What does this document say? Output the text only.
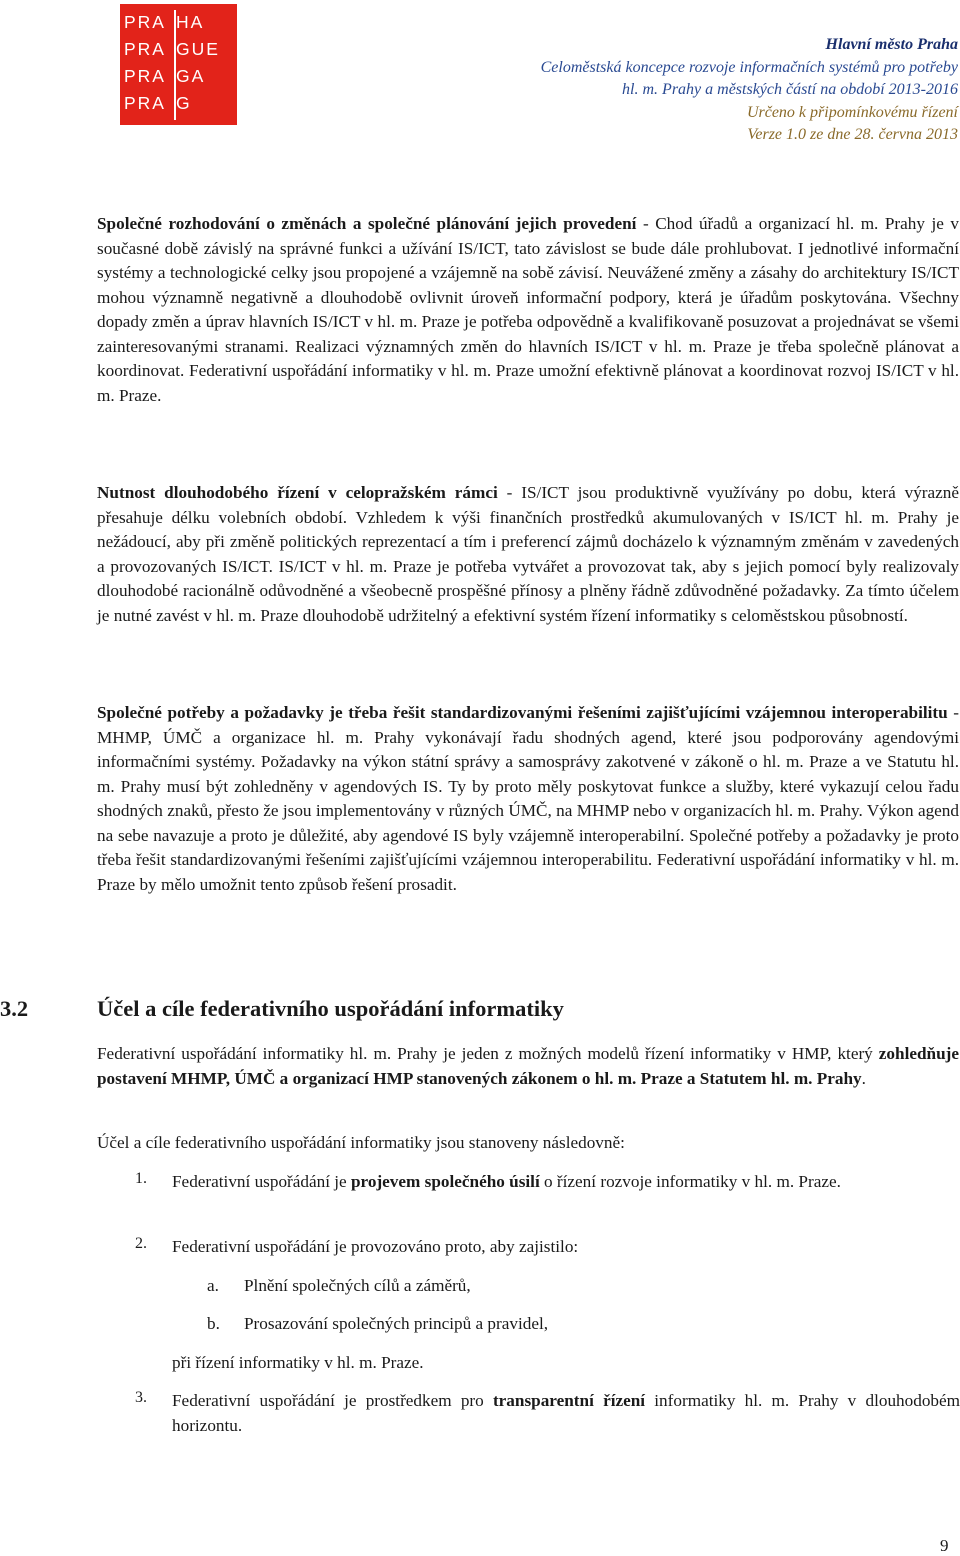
PRA HA
PRA GUE
PRA GA
PRA G
Hlavní město Praha
Celoměstská koncepce rozvoje informačních systémů pro potřeby
hl. m. Prahy a městských částí na období 2013-2016
Určeno k připomínkovému řízení
Verze 1.0 ze dne 28. června 2013

Společné rozhodování o změnách a společné plánování jejich provedení - Chod úřadů a organizací hl. m. Prahy je v současné době závislý na správné funkci a užívání IS/ICT, tato závislost se bude dále prohlubovat. I jednotlivé informační systémy a technologické celky jsou propojené a vzájemně na sobě závisí. Neuvážené změny a zásahy do architektury IS/ICT mohou významně negativně a dlouhodobě ovlivnit úroveň informační podpory, která je úřadům poskytována. Všechny dopady změn a úprav hlavních IS/ICT v hl. m. Praze je potřeba odpovědně a kvalifikovaně posuzovat a projednávat se všemi zainteresovanými stranami. Realizaci významných změn do hlavních IS/ICT v hl. m. Praze je třeba společně plánovat a koordinovat. Federativní uspořádání informatiky v hl. m. Praze umožní efektivně plánovat a koordinovat rozvoj IS/ICT v hl. m. Praze.

Nutnost dlouhodobého řízení v celopražském rámci - IS/ICT jsou produktivně využívány po dobu, která výrazně přesahuje délku volebních období. Vzhledem k výši finančních prostředků akumulovaných v IS/ICT hl. m. Prahy je nežádoucí, aby při změně politických reprezentací a tím i preferencí zájmů docházelo k významným změnám v zavedených a provozovaných IS/ICT. IS/ICT v hl. m. Praze je potřeba vytvářet a provozovat tak, aby s jejich pomocí byly realizovaly dlouhodobé racionálně odůvodněné a všeobecně prospěšné přínosy a plněny řádně zdůvodněné požadavky. Za tímto účelem je nutné zavést v hl. m. Praze dlouhodobě udržitelný a efektivní systém řízení informatiky s celoměstskou působností.

Společné potřeby a požadavky je třeba řešit standardizovanými řešeními zajišťujícími vzájemnou interoperabilitu - MHMP, ÚMČ a organizace hl. m. Prahy vykonávají řadu shodných agend, které jsou podporovány agendovými informačními systémy. Požadavky na výkon státní správy a samosprávy zakotvené v zákoně o hl. m. Praze a ve Statutu hl. m. Prahy musí být zohledněny v agendových IS. Ty by proto měly poskytovat funkce a služby, které vykazují celou řadu shodných znaků, přesto že jsou implementovány v různých ÚMČ, na MHMP nebo v organizacích hl. m. Prahy. Výkon agend na sebe navazuje a proto je důležité, aby agendové IS byly vzájemně interoperabilní. Společné potřeby a požadavky je proto třeba řešit standardizovanými řešeními zajišťujícími vzájemnou interoperabilitu. Federativní uspořádání informatiky v hl. m. Praze by mělo umožnit tento způsob řešení prosadit.

3.2	Účel a cíle federativního uspořádání informatiky

Federativní uspořádání informatiky hl. m. Prahy je jeden z možných modelů řízení informatiky v HMP, který zohledňuje postavení MHMP, ÚMČ a organizací HMP stanovených zákonem o hl. m. Praze a Statutem hl. m. Prahy.

Účel a cíle federativního uspořádání informatiky jsou stanoveny následovně:

1. Federativní uspořádání je projevem společného úsilí o řízení rozvoje informatiky v hl. m. Praze.
2. Federativní uspořádání je provozováno proto, aby zajistilo:
a. Plnění společných cílů a záměrů,
b. Prosazování společných principů a pravidel,
při řízení informatiky v hl. m. Praze.
3. Federativní uspořádání je prostředkem pro transparentní řízení informatiky hl. m. Prahy v dlouhodobém horizontu.
9
